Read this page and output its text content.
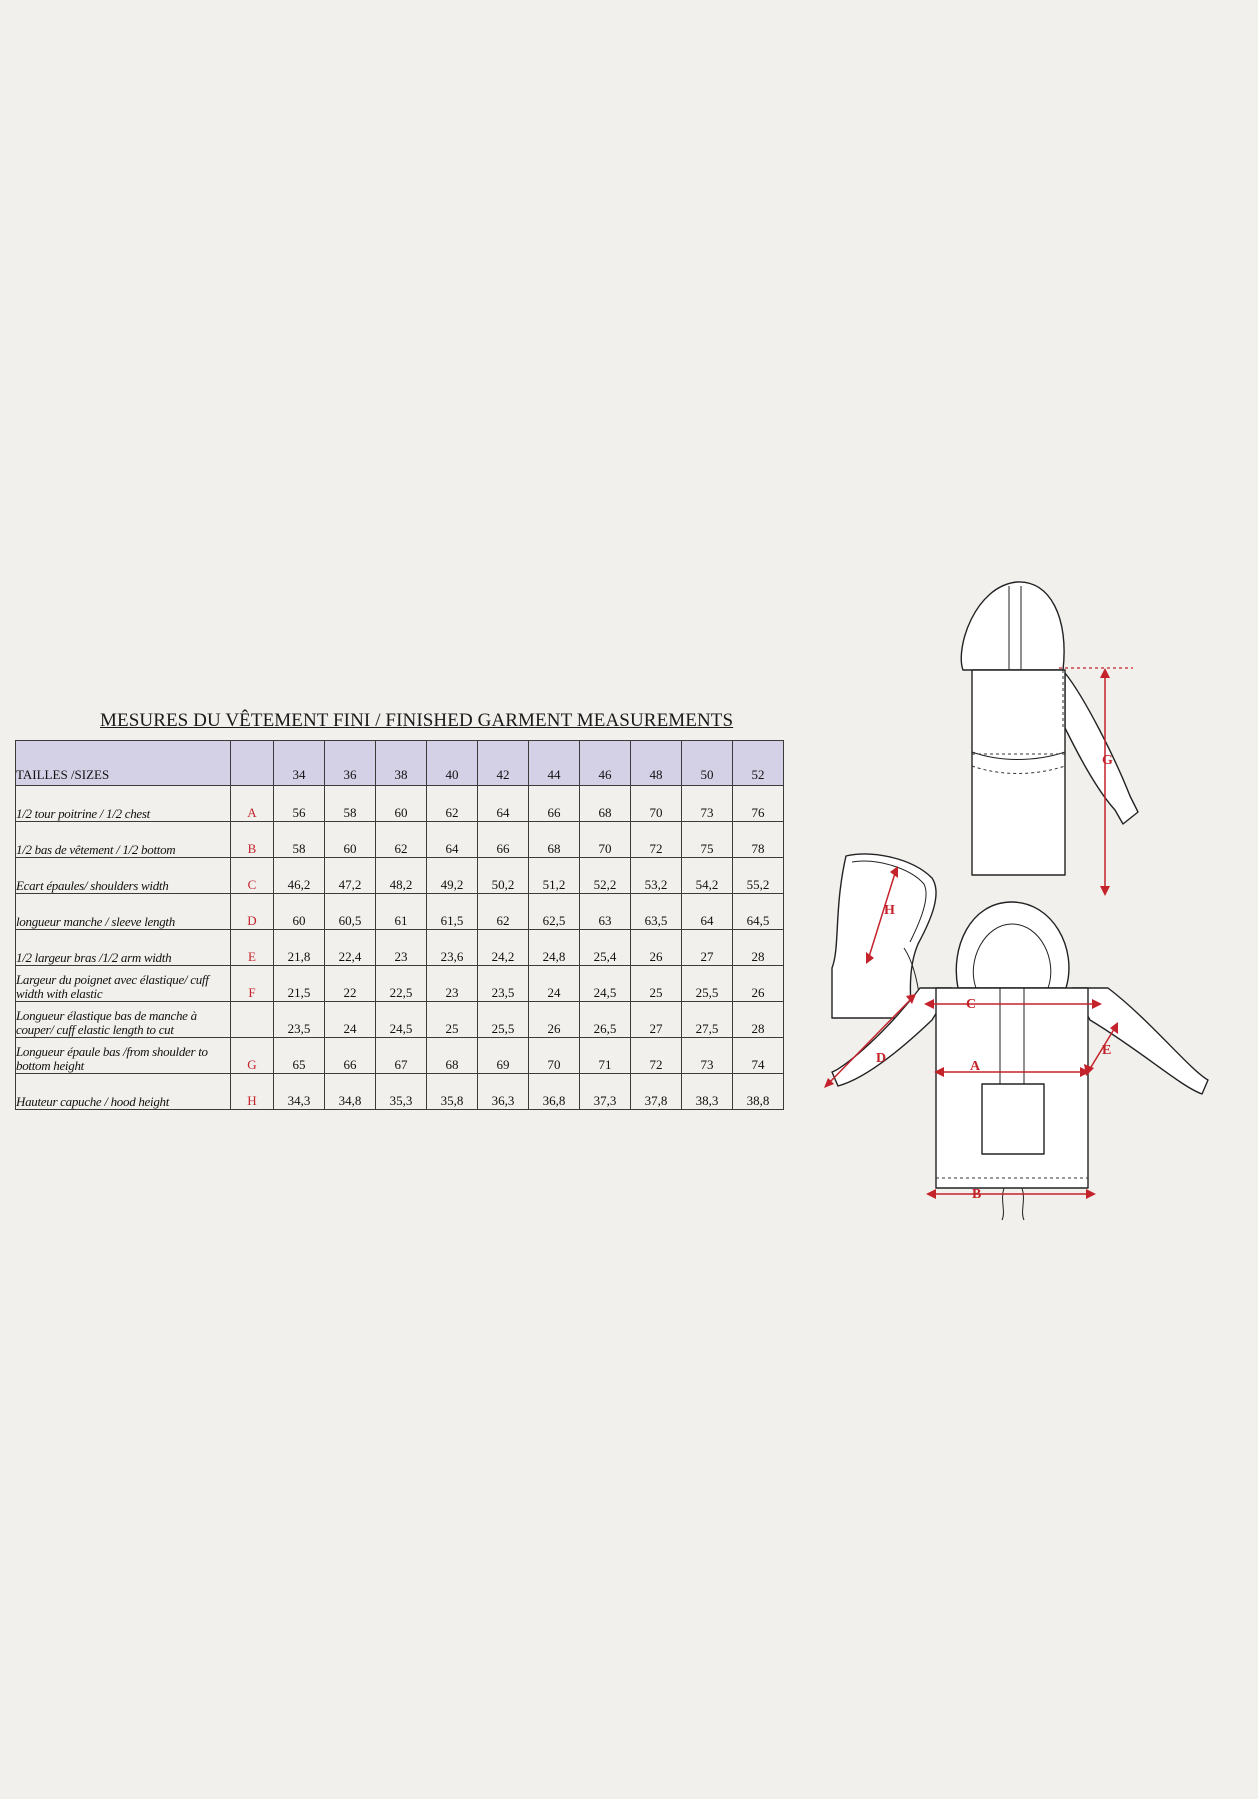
MESURES DU VÊTEMENT FINI / FINISHED GARMENT MEASUREMENTS
TAILLES /SIZES		34	36	38	40	42	44	46	48	50	52
1/2 tour poitrine / 1/2 chest	A	56	58	60	62	64	66	68	70	73	76
1/2 bas de vêtement / 1/2 bottom	B	58	60	62	64	66	68	70	72	75	78
Ecart épaules/ shoulders width	C	46,2	47,2	48,2	49,2	50,2	51,2	52,2	53,2	54,2	55,2
longueur manche / sleeve length	D	60	60,5	61	61,5	62	62,5	63	63,5	64	64,5
1/2 largeur bras /1/2 arm width	E	21,8	22,4	23	23,6	24,2	24,8	25,4	26	27	28
Largeur du poignet avec élastique/ cuff width with elastic	F	21,5	22	22,5	23	23,5	24	24,5	25	25,5	26
Longueur élastique bas de manche à couper/ cuff elastic length to cut		23,5	24	24,5	25	25,5	26	26,5	27	27,5	28
Longueur épaule bas /from shoulder to bottom height	G	65	66	67	68	69	70	71	72	73	74
Hauteur capuche / hood height	H	34,3	34,8	35,3	35,8	36,3	36,8	37,3	37,8	38,3	38,8
G
H
C
D
A
E
B
